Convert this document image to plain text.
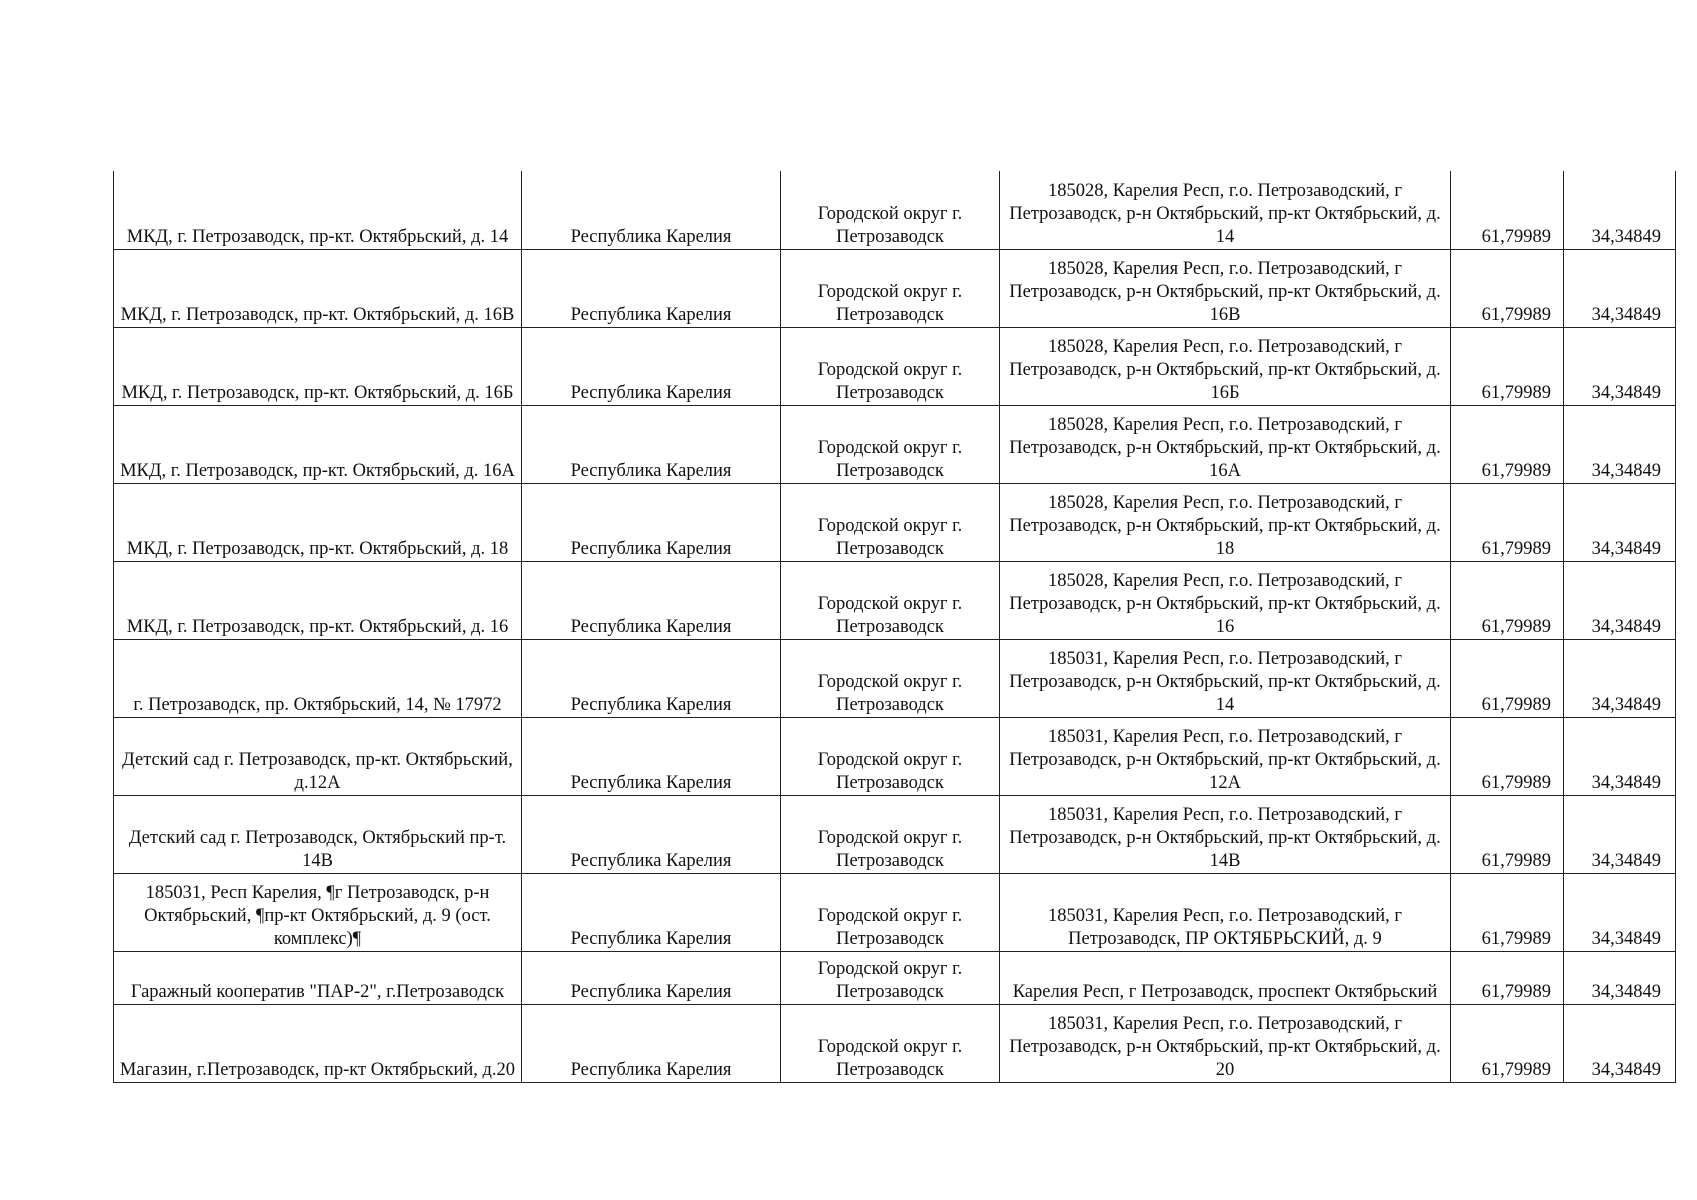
МКД, г. Петрозаводск, пр-кт. Октябрьский, д. 14	Республика Карелия	Городской округ г. Петрозаводск	185028, Карелия Респ, г.о. Петрозаводский, г Петрозаводск, р-н Октябрьский, пр-кт Октябрьский, д. 14	61,79989	34,34849
МКД, г. Петрозаводск, пр-кт. Октябрьский, д. 16В	Республика Карелия	Городской округ г. Петрозаводск	185028, Карелия Респ, г.о. Петрозаводский, г Петрозаводск, р-н Октябрьский, пр-кт Октябрьский, д. 16В	61,79989	34,34849
МКД, г. Петрозаводск, пр-кт. Октябрьский, д. 16Б	Республика Карелия	Городской округ г. Петрозаводск	185028, Карелия Респ, г.о. Петрозаводский, г Петрозаводск, р-н Октябрьский, пр-кт Октябрьский, д. 16Б	61,79989	34,34849
МКД, г. Петрозаводск, пр-кт. Октябрьский, д. 16А	Республика Карелия	Городской округ г. Петрозаводск	185028, Карелия Респ, г.о. Петрозаводский, г Петрозаводск, р-н Октябрьский, пр-кт Октябрьский, д. 16А	61,79989	34,34849
МКД, г. Петрозаводск, пр-кт. Октябрьский, д. 18	Республика Карелия	Городской округ г. Петрозаводск	185028, Карелия Респ, г.о. Петрозаводский, г Петрозаводск, р-н Октябрьский, пр-кт Октябрьский, д. 18	61,79989	34,34849
МКД, г. Петрозаводск, пр-кт. Октябрьский, д. 16	Республика Карелия	Городской округ г. Петрозаводск	185028, Карелия Респ, г.о. Петрозаводский, г Петрозаводск, р-н Октябрьский, пр-кт Октябрьский, д. 16	61,79989	34,34849
г. Петрозаводск, пр. Октябрьский, 14, № 17972	Республика Карелия	Городской округ г. Петрозаводск	185031, Карелия Респ, г.о. Петрозаводский, г Петрозаводск, р-н Октябрьский, пр-кт Октябрьский, д. 14	61,79989	34,34849
Детский сад г. Петрозаводск, пр-кт. Октябрьский, д.12А	Республика Карелия	Городской округ г. Петрозаводск	185031, Карелия Респ, г.о. Петрозаводский, г Петрозаводск, р-н Октябрьский, пр-кт Октябрьский, д. 12А	61,79989	34,34849
Детский сад г. Петрозаводск, Октябрьский пр-т. 14В	Республика Карелия	Городской округ г. Петрозаводск	185031, Карелия Респ, г.о. Петрозаводский, г Петрозаводск, р-н Октябрьский, пр-кт Октябрьский, д. 14В	61,79989	34,34849
185031, Респ Карелия, ¶г Петрозаводск, р-н Октябрьский, ¶пр-кт Октябрьский, д. 9 (ост. комплекс)¶	Республика Карелия	Городской округ г. Петрозаводск	185031, Карелия Респ, г.о. Петрозаводский, г Петрозаводск, ПР ОКТЯБРЬСКИЙ, д. 9	61,79989	34,34849
Гаражный кооператив "ПАР-2", г.Петрозаводск	Республика Карелия	Городской округ г. Петрозаводск	Карелия Респ, г Петрозаводск, проспект Октябрьский	61,79989	34,34849
Магазин, г.Петрозаводск, пр-кт Октябрьский, д.20	Республика Карелия	Городской округ г. Петрозаводск	185031, Карелия Респ, г.о. Петрозаводский, г Петрозаводск, р-н Октябрьский, пр-кт Октябрьский, д. 20	61,79989	34,34849
